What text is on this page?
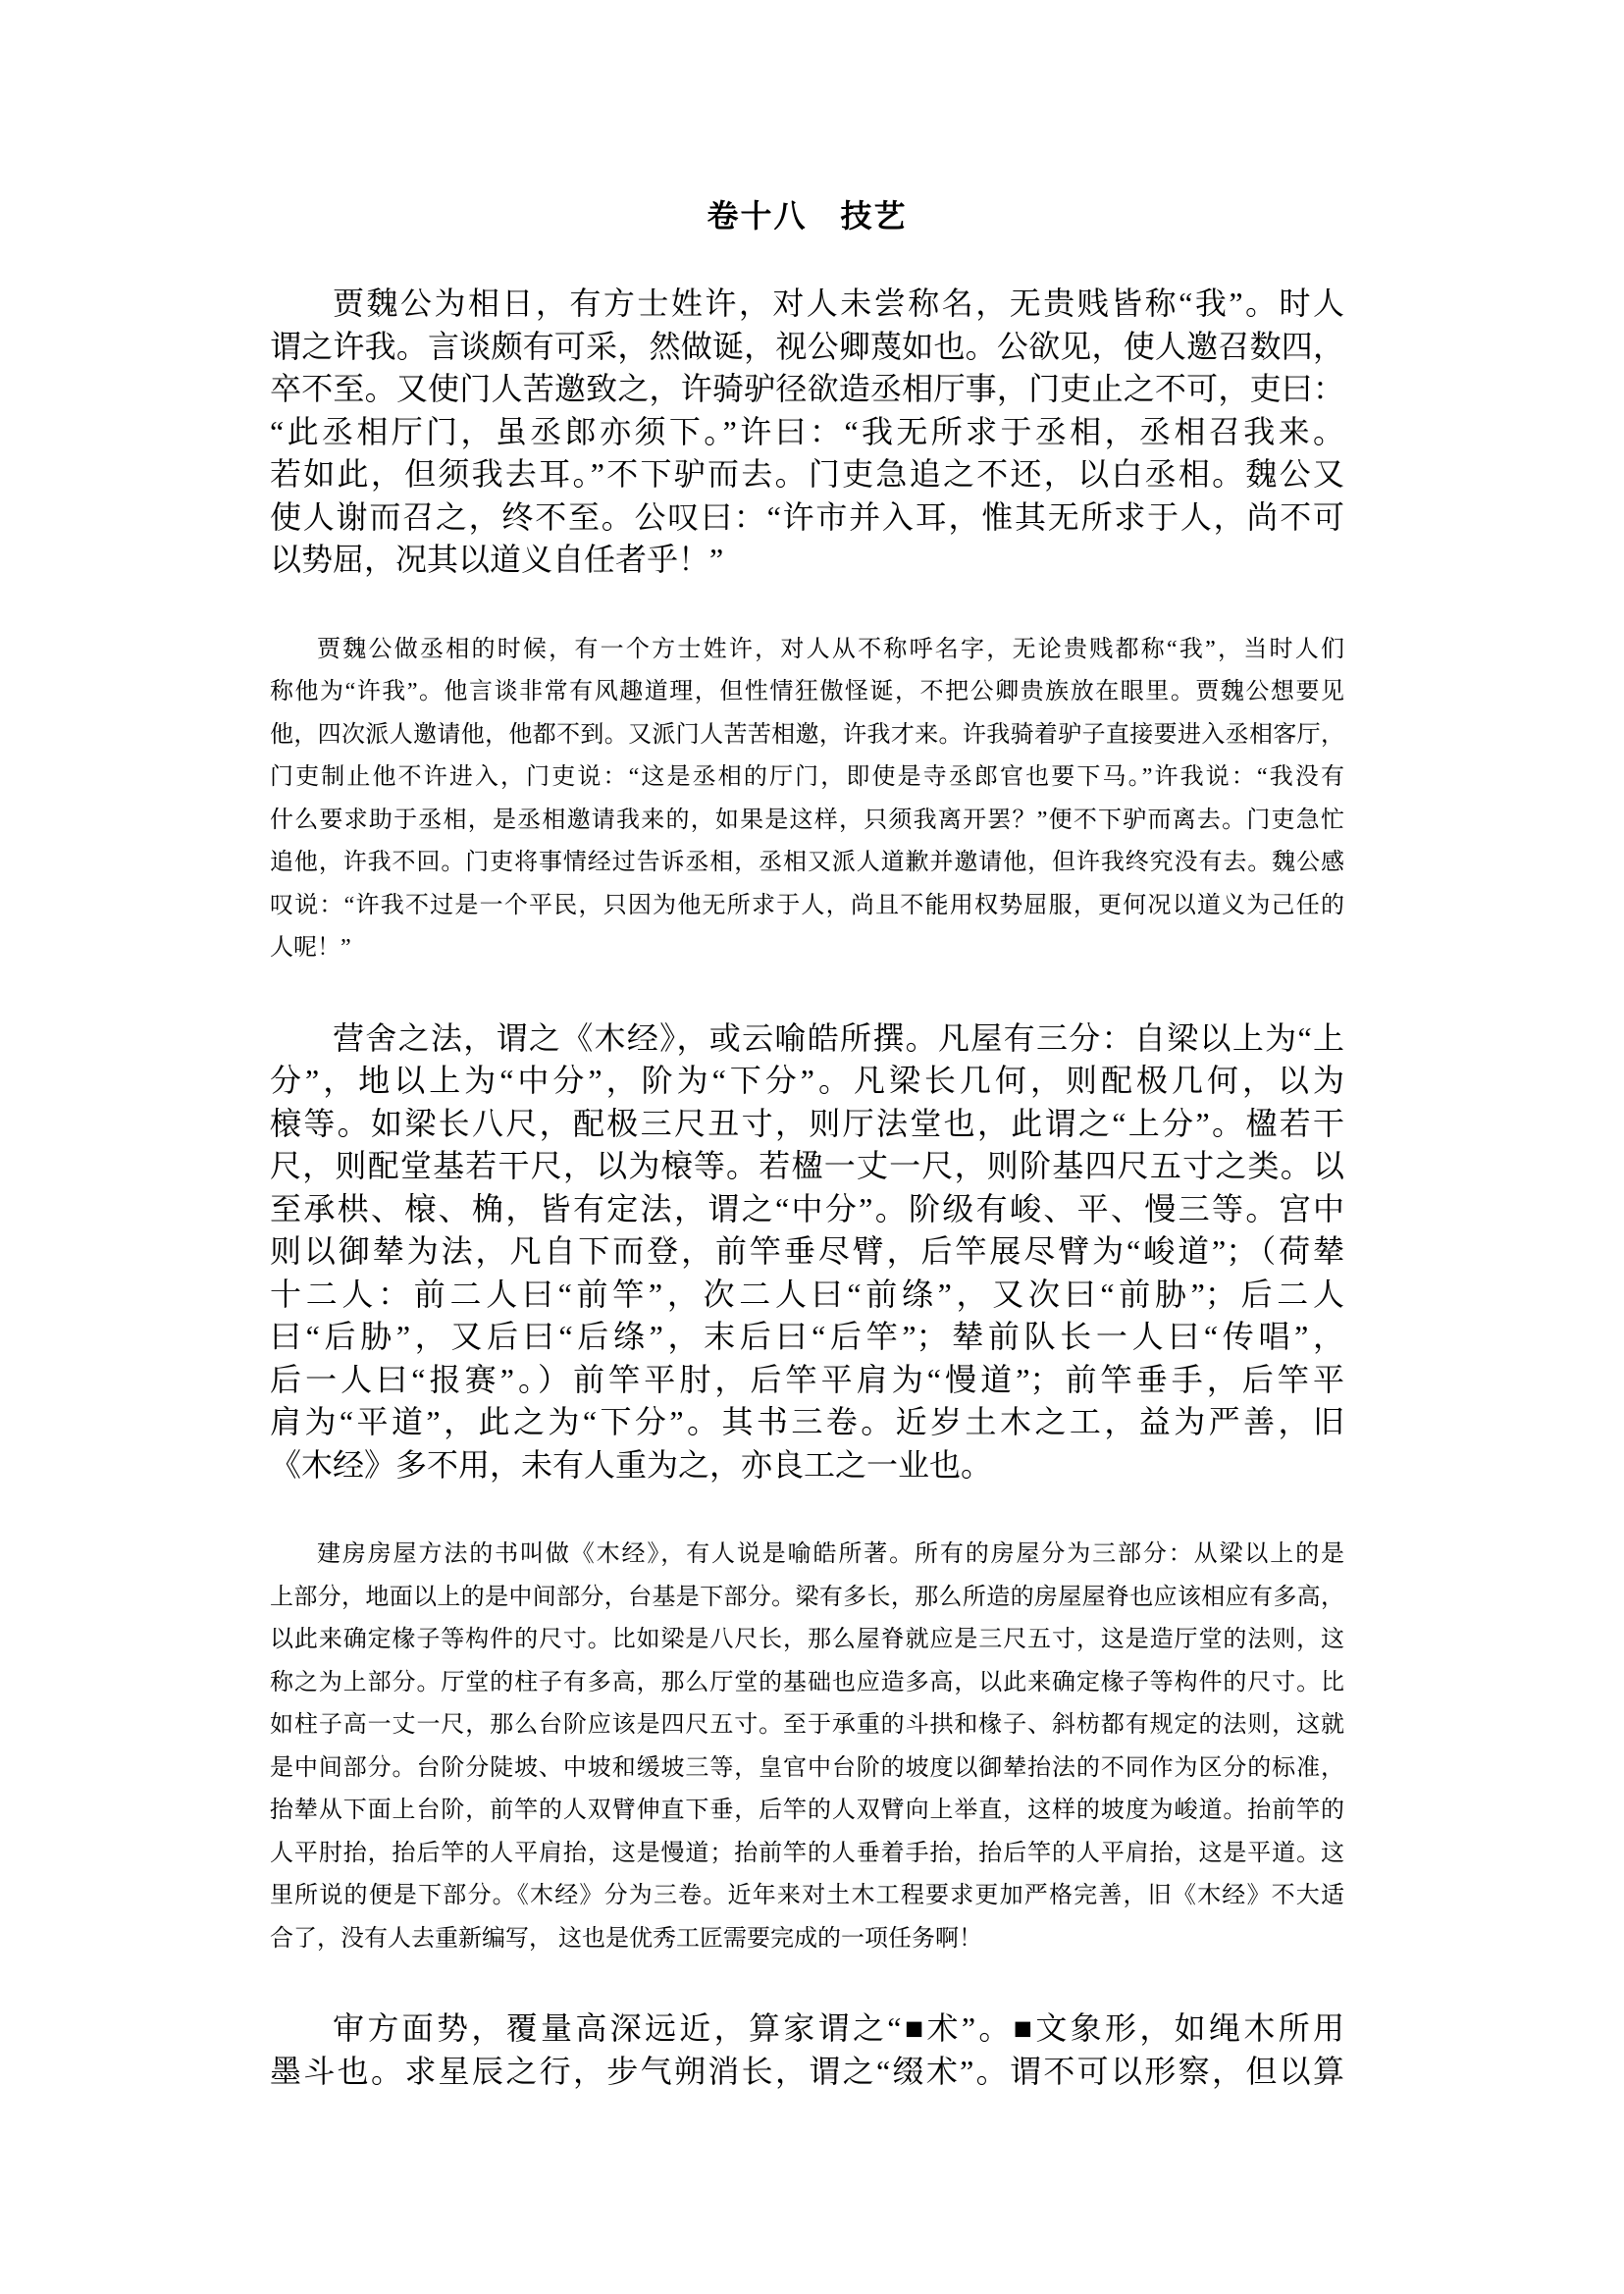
卷十八　技艺
贾魏公为相日，有方士姓许，对人未尝称名，无贵贱皆称“我”。时人
谓之许我。言谈颇有可采，然做诞，视公卿蔑如也。公欲见，使人邀召数四，
卒不至。又使门人苦邀致之，许骑驴径欲造丞相厅事，门吏止之不可，吏曰：
“此丞相厅门，虽丞郎亦须下。”许曰：“我无所求于丞相，丞相召我来。
若如此，但须我去耳。”不下驴而去。门吏急追之不还，以白丞相。魏公又
使人谢而召之，终不至。公叹曰：“许市并入耳，惟其无所求于人，尚不可
以势屈，况其以道义自任者乎！”
贾魏公做丞相的时候，有一个方士姓许，对人从不称呼名字，无论贵贱都称“我”，当时人们
称他为“许我”。他言谈非常有风趣道理，但性情狂傲怪诞，不把公卿贵族放在眼里。贾魏公想要见
他，四次派人邀请他，他都不到。又派门人苦苦相邀，许我才来。许我骑着驴子直接要进入丞相客厅，
门吏制止他不许进入，门吏说：“这是丞相的厅门，即使是寺丞郎官也要下马。”许我说：“我没有
什么要求助于丞相，是丞相邀请我来的，如果是这样，只须我离开罢？”便不下驴而离去。门吏急忙
追他，许我不回。门吏将事情经过告诉丞相，丞相又派人道歉并邀请他，但许我终究没有去。魏公感
叹说：“许我不过是一个平民，只因为他无所求于人，尚且不能用权势屈服，更何况以道义为己任的
人呢！”
营舍之法，谓之《木经》，或云喻皓所撰。凡屋有三分：自梁以上为“上
分”，地以上为“中分”，阶为“下分”。凡梁长几何，则配极几何，以为
榱等。如梁长八尺，配极三尺丑寸，则厅法堂也，此谓之“上分”。楹若干
尺，则配堂基若干尺，以为榱等。若楹一丈一尺，则阶基四尺五寸之类。以
至承栱、榱、桷，皆有定法，谓之“中分”。阶级有峻、平、慢三等。宫中
则以御辇为法，凡自下而登，前竿垂尽臂，后竿展尽臂为“峻道”；（荷辇
十二人：前二人曰“前竿”，次二人曰“前绦”，又次曰“前胁”；后二人
曰“后胁”，又后曰“后绦”，末后曰“后竿”；辇前队长一人曰“传唱”，
后一人曰“报赛”。）前竿平肘，后竿平肩为“慢道”；前竿垂手，后竿平
肩为“平道”，此之为“下分”。其书三卷。近岁土木之工，益为严善，旧
《木经》多不用，未有人重为之，亦良工之一业也。
建房房屋方法的书叫做《木经》，有人说是喻皓所著。所有的房屋分为三部分：从梁以上的是
上部分，地面以上的是中间部分，台基是下部分。梁有多长，那么所造的房屋屋脊也应该相应有多高，
以此来确定椽子等构件的尺寸。比如梁是八尺长，那么屋脊就应是三尺五寸，这是造厅堂的法则，这
称之为上部分。厅堂的柱子有多高，那么厅堂的基础也应造多高，以此来确定椽子等构件的尺寸。比
如柱子高一丈一尺，那么台阶应该是四尺五寸。至于承重的斗拱和椽子、斜枋都有规定的法则，这就
是中间部分。台阶分陡坡、中坡和缓坡三等，皇官中台阶的坡度以御辇抬法的不同作为区分的标准，
抬辇从下面上台阶，前竿的人双臂伸直下垂，后竿的人双臂向上举直，这样的坡度为峻道。抬前竿的
人平肘抬，抬后竿的人平肩抬，这是慢道；抬前竿的人垂着手抬，抬后竿的人平肩抬，这是平道。这
里所说的便是下部分。《木经》分为三卷。近年来对土木工程要求更加严格完善，旧《木经》不大适
合了，没有人去重新编写， 这也是优秀工匠需要完成的一项任务啊！
审方面势，覆量高深远近，算家谓之“■术”。■文象形，如绳木所用
墨斗也。求星辰之行，步气朔消长，谓之“缀术”。谓不可以形察，但以算
